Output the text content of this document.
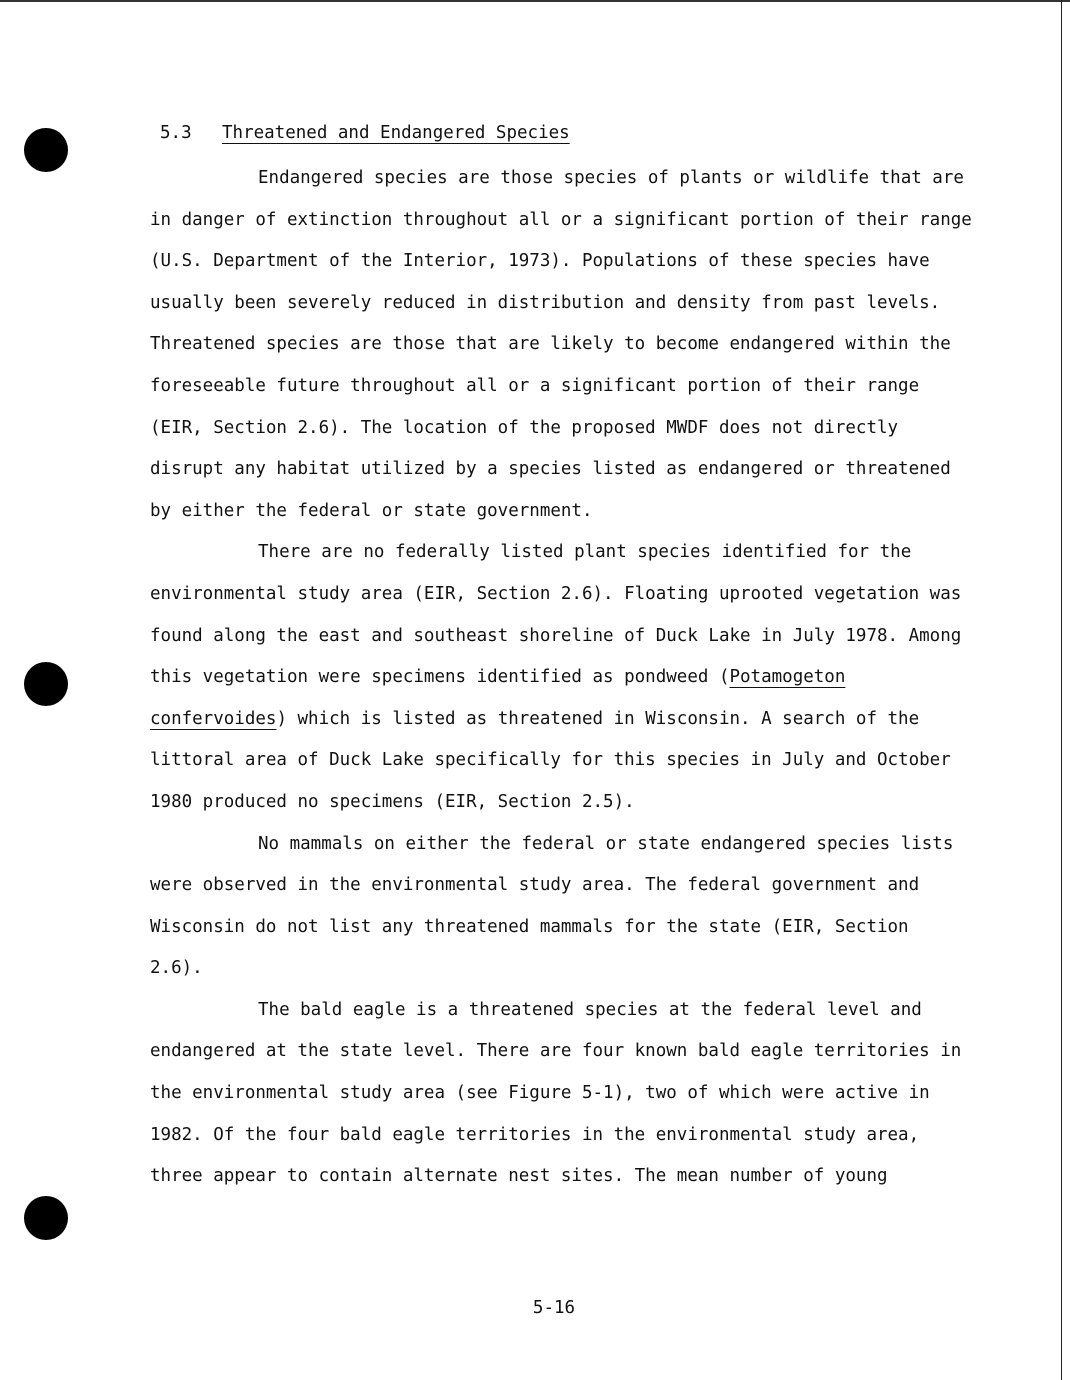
5.3 Threatened and Endangered Species

Endangered species are those species of plants or wildlife that are
in danger of extinction throughout all or a significant portion of their range
(U.S. Department of the Interior, 1973). Populations of these species have
usually been severely reduced in distribution and density from past levels.
Threatened species are those that are likely to become endangered within the
foreseeable future throughout all or a significant portion of their range
(EIR, Section 2.6). The location of the proposed MWDF does not directly
disrupt any habitat utilized by a species listed as endangered or threatened
by either the federal or state government.

There are no federally listed plant species identified for the
environmental study area (EIR, Section 2.6). Floating uprooted vegetation was
found along the east and southeast shoreline of Duck Lake in July 1978. Among
this vegetation were specimens identified as pondweed (Potamogeton
confervoides) which is listed as threatened in Wisconsin. A search of the
littoral area of Duck Lake specifically for this species in July and October
1980 produced no specimens (EIR, Section 2.5).

No mammals on either the federal or state endangered species lists
were observed in the environmental study area. The federal government and
Wisconsin do not list any threatened mammals for the state (EIR, Section
2.6).

The bald eagle is a threatened species at the federal level and
endangered at the state level. There are four known bald eagle territories in
the environmental study area (see Figure 5-1), two of which were active in
1982. Of the four bald eagle territories in the environmental study area,
three appear to contain alternate nest sites. The mean number of young

5-16
